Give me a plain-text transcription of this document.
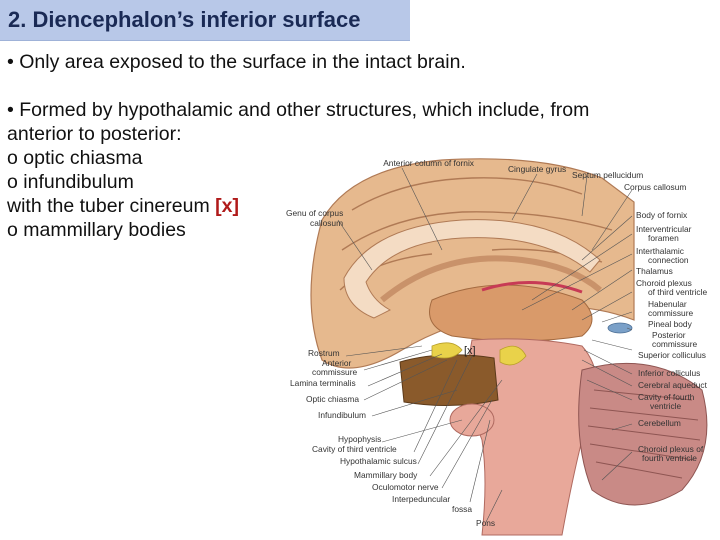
2. Diencephalon’s inferior surface
• Only area exposed to the surface in the intact brain.
• Formed by hypothalamic and other structures, which include, from
anterior to posterior:
o optic chiasma
o infundibulum
with the tuber cinereum [x]
o mammillary bodies
[x]
Anterior column of fornix
Cingulate gyrus
Septum pellucidum
Corpus callosum
Genu of corpus
callosum
Body of fornix
Interventricular
foramen
Interthalamic
connection
Thalamus
Choroid plexus
of third ventricle
Habenular
commissure
Pineal body
Posterior
commissure
Superior colliculus
Inferior colliculus
Cerebral aqueduct
Cavity of fourth
ventricle
Cerebellum
Choroid plexus of
fourth ventricle
Rostrum
Anterior
commissure
Lamina terminalis
Optic chiasma
Infundibulum
Hypophysis
Cavity of third ventricle
Hypothalamic sulcus
Mammillary body
Oculomotor nerve
Interpeduncular
fossa
Pons
